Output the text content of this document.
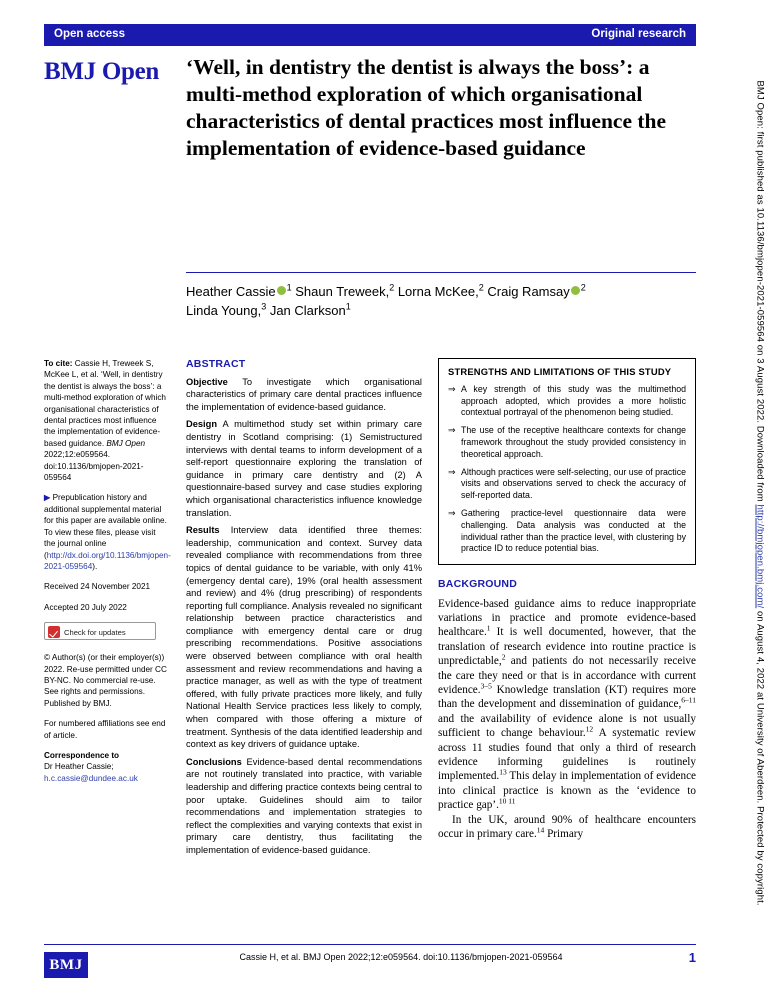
BMJ Open: first published as 10.1136/bmjopen-2021-059564 on 3 August 2022. Downloaded from http://bmjopen.bmj.com/ on August 4, 2022 at University of Aberdeen. Protected by copyright.
Open access	Original research
BMJ Open	‘Well, in dentistry the dentist is always the boss’: a multi-method exploration of which organisational characteristics of dental practices most influence the implementation of evidence-based guidance
Heather Cassie $^1$ Shaun Treweek,$^2$ Lorna McKee,$^2$ Craig Ramsay $^2$
Linda Young,$^3$ Jan Clarkson$^1$

To cite: Cassie H, Treweek S, McKee L, et al. ‘Well, in dentistry the dentist is always the boss’: a multi-method exploration of which organisational characteristics of dental practices most influence the implementation of evidence-based guidance. BMJ Open 2022;12:e059564. doi:10.1136/bmjopen-2021-059564

▶ Prepublication history and additional supplemental material for this paper are available online. To view these files, please visit the journal online (http://dx.doi.org/10.1136/bmjopen-2021-059564).

Received 24 November 2021

Accepted 20 July 2022

Check for updates

© Author(s) (or their employer(s)) 2022. Re-use permitted under CC BY-NC. No commercial re-use. See rights and permissions. Published by BMJ.

For numbered affiliations see end of article.

Correspondence to
Dr Heather Cassie;
h.c.cassie@dundee.ac.uk

BMJ
ABSTRACT

Objective To investigate which organisational characteristics of primary care dental practices influence the implementation of evidence-based guidance.

Design A multimethod study set within primary care dentistry in Scotland comprising: (1) Semistructured interviews with dental teams to inform development of a self-report questionnaire exploring the translation of guidance in primary care dentistry and (2) A questionnaire-based survey and case studies exploring which organisational characteristics influence knowledge translation.

Results Interview data identified three themes: leadership, communication and context. Survey data revealed compliance with recommendations from three topics of dental guidance to be variable, with only 41% (emergency dental care), 19% (oral health assessment and review) and 4% (drug prescribing) of respondents reporting full compliance. Analysis revealed no significant relationship between practice characteristics and compliance with emergency dental care or drug prescribing recommendations. Positive associations were observed between compliance with oral health assessment and review recommendations and having a practice manager, as well as with the type of treatment offered, with fully private practices more likely, and fully National Health Service practices less likely to comply, when compared with those offering a mixture of treatment. Synthesis of the data identified leadership and context as key drivers of guidance uptake.

Conclusions Evidence-based dental recommendations are not routinely translated into practice, with variable leadership and differing practice contexts being central to poor uptake. Guidelines should aim to tailor recommendations and implementation strategies to reflect the complexities and varying contexts that exist in primary care dentistry, thus facilitating the implementation of evidence-based guidance.

STRENGTHS AND LIMITATIONS OF THIS STUDY
⇒ A key strength of this study was the multimethod approach adopted, which provides a more holistic contextual portrayal of the phenomenon being studied.
⇒ The use of the receptive healthcare contexts for change framework throughout the study provided consistency in theoretical approach.
⇒ Although practices were self-selecting, our use of practice visits and observations served to check the accuracy of self-reported data.
⇒ Gathering practice-level questionnaire data were challenging. Data analysis was conducted at the individual rather than the practice level, with clustering by practice ID to reduce potential bias.
BACKGROUND

Evidence-based guidance aims to reduce inappropriate variations in practice and promote evidence-based healthcare.$^1$ It is well documented, however, that the translation of research evidence into routine practice is unpredictable,$^2$ and patients do not necessarily receive the care they need or that is in accordance with current evidence.$^{3-5}$ Knowledge translation (KT) requires more than the development and dissemination of guidance,$^{6-11}$ and the availability of evidence alone is not usually sufficient to change behaviour.$^{12}$ A systematic review across 11 studies found that only a third of research evidence informing guidelines is routinely implemented.$^{13}$ This delay in implementation of evidence into clinical practice is known as the ‘evidence to practice gap’.$^{10 11}$

In the UK, around 90% of healthcare encounters occur in primary care.$^{14}$ Primary

Cassie H, et al. BMJ Open 2022;12:e059564. doi:10.1136/bmjopen-2021-059564	1
